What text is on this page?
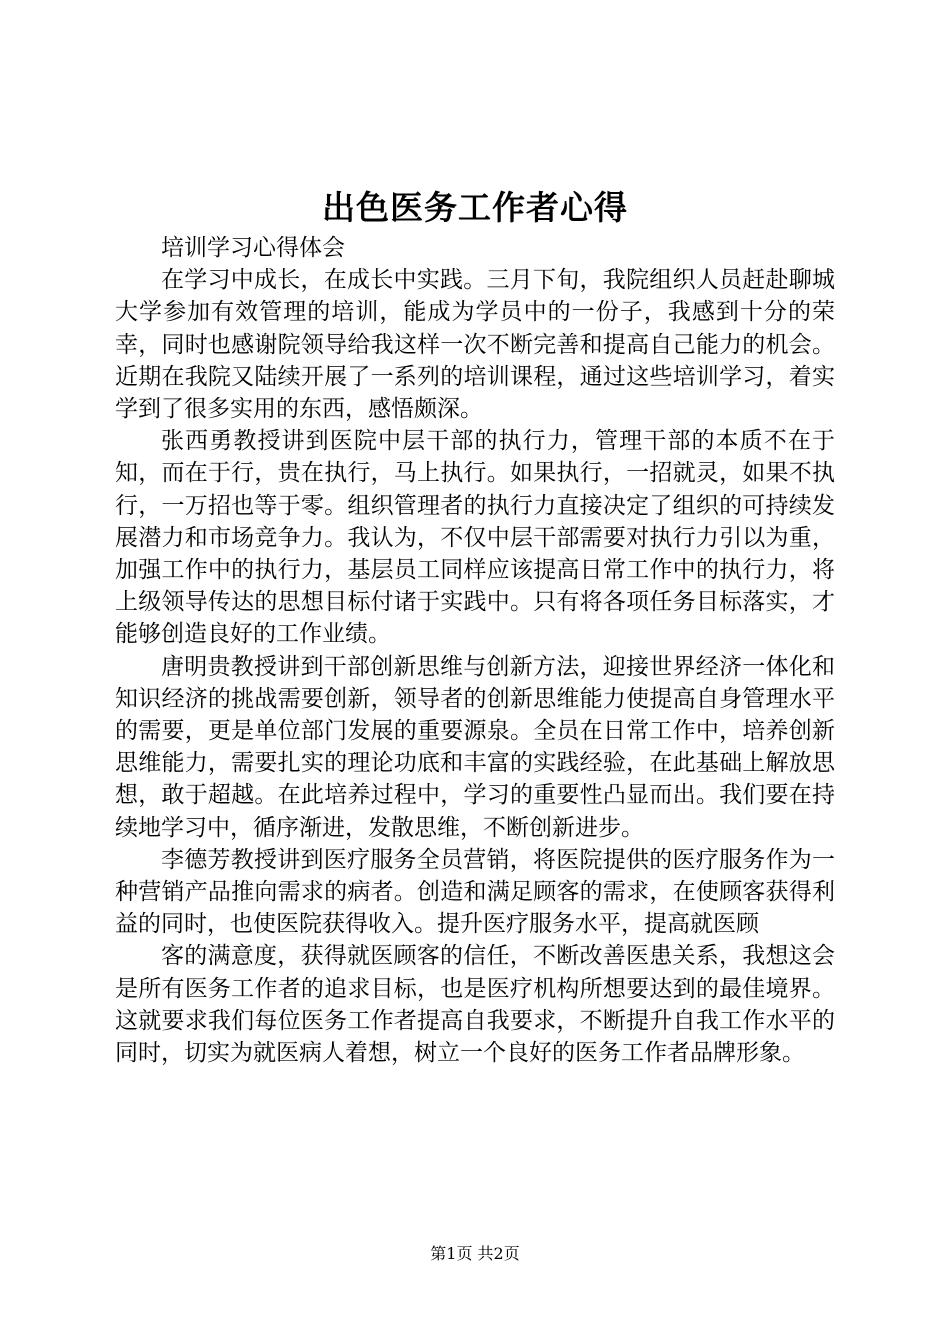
出色医务工作者心得

培训学习心得体会

在学习中成长，在成长中实践。三月下旬，我院组织人员赶赴聊城大学参加有效管理的培训，能成为学员中的一份子，我感到十分的荣幸，同时也感谢院领导给我这样一次不断完善和提高自己能力的机会。近期在我院又陆续开展了一系列的培训课程，通过这些培训学习，着实学到了很多实用的东西，感悟颇深。

张西勇教授讲到医院中层干部的执行力，管理干部的本质不在于知，而在于行，贵在执行，马上执行。如果执行，一招就灵，如果不执行，一万招也等于零。组织管理者的执行力直接决定了组织的可持续发展潜力和市场竞争力。我认为，不仅中层干部需要对执行力引以为重，加强工作中的执行力，基层员工同样应该提高日常工作中的执行力，将上级领导传达的思想目标付诸于实践中。只有将各项任务目标落实，才能够创造良好的工作业绩。

唐明贵教授讲到干部创新思维与创新方法，迎接世界经济一体化和知识经济的挑战需要创新，领导者的创新思维能力使提高自身管理水平的需要，更是单位部门发展的重要源泉。全员在日常工作中，培养创新思维能力，需要扎实的理论功底和丰富的实践经验，在此基础上解放思想，敢于超越。在此培养过程中，学习的重要性凸显而出。我们要在持续地学习中，循序渐进，发散思维，不断创新进步。

李德芳教授讲到医疗服务全员营销，将医院提供的医疗服务作为一种营销产品推向需求的病者。创造和满足顾客的需求，在使顾客获得利益的同时，也使医院获得收入。提升医疗服务水平，提高就医顾

客的满意度，获得就医顾客的信任，不断改善医患关系，我想这会是所有医务工作者的追求目标，也是医疗机构所想要达到的最佳境界。这就要求我们每位医务工作者提高自我要求，不断提升自我工作水平的同时，切实为就医病人着想，树立一个良好的医务工作者品牌形象。

第1页 共2页
